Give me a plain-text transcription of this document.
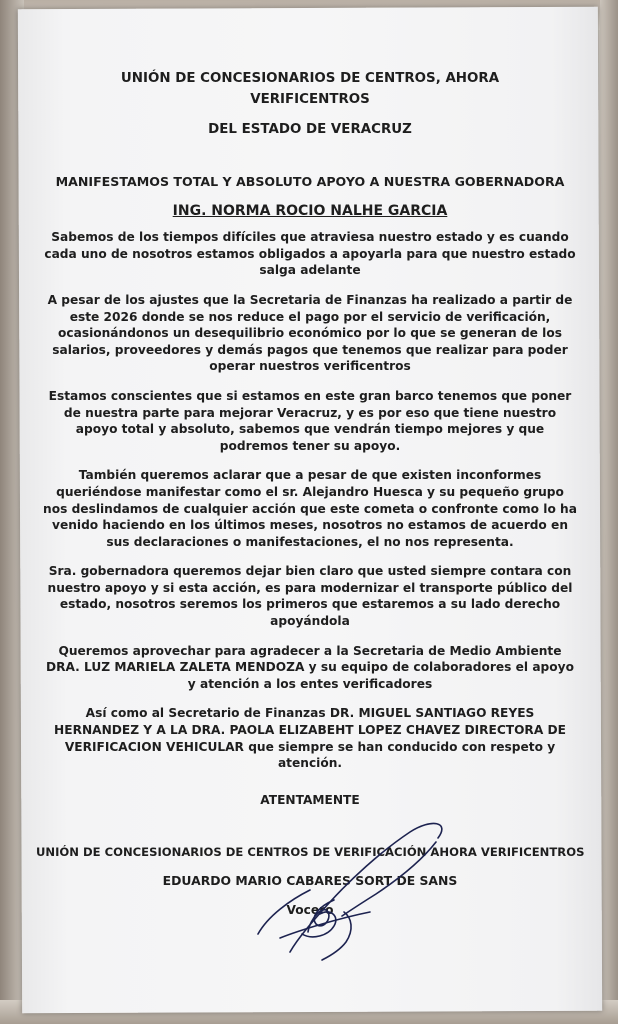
UNIÓN DE CONCESIONARIOS DE CENTROS, AHORA

VERIFICENTROS

DEL ESTADO DE VERACRUZ

MANIFESTAMOS TOTAL Y ABSOLUTO APOYO A NUESTRA GOBERNADORA

ING. NORMA ROCIO NALHE GARCIA

Sabemos de los tiempos difíciles que atraviesa nuestro estado y es cuando cada uno de nosotros estamos obligados a apoyarla para que nuestro estado salga adelante

A pesar de los ajustes que la Secretaria de Finanzas ha realizado a partir de este 2026 donde se nos reduce el pago por el servicio de verificación, ocasionándonos un desequilibrio económico por lo que se generan de los salarios, proveedores y demás pagos que tenemos que realizar para poder operar nuestros verificentros

Estamos conscientes que si estamos en este gran barco tenemos que poner de nuestra parte para mejorar Veracruz, y es por eso que tiene nuestro apoyo total y absoluto, sabemos que vendrán tiempo mejores y que podremos tener su apoyo.

También queremos aclarar que a pesar de que existen inconformes queriéndose manifestar como el sr. Alejandro Huesca y su pequeño grupo nos deslindamos de cualquier acción que este cometa o confronte como lo ha venido haciendo en los últimos meses, nosotros no estamos de acuerdo en sus declaraciones o manifestaciones, el no nos representa.

Sra. gobernadora queremos dejar bien claro que usted siempre contara con nuestro apoyo y si esta acción, es para modernizar el transporte público del estado, nosotros seremos los primeros que estaremos a su lado derecho apoyándola

Queremos aprovechar para agradecer a la Secretaria de Medio Ambiente DRA. LUZ MARIELA ZALETA MENDOZA y su equipo de colaboradores el apoyo y atención a los entes verificadores

Así como al Secretario de Finanzas DR. MIGUEL SANTIAGO REYES HERNANDEZ Y A LA DRA. PAOLA ELIZABEHT LOPEZ CHAVEZ DIRECTORA DE VERIFICACION VEHICULAR que siempre se han conducido con respeto y atención.

ATENTAMENTE

UNIÓN DE CONCESIONARIOS DE CENTROS DE VERIFICACIÓN AHORA VERIFICENTROS

EDUARDO MARIO CABARES SORT DE SANS

Vocero
